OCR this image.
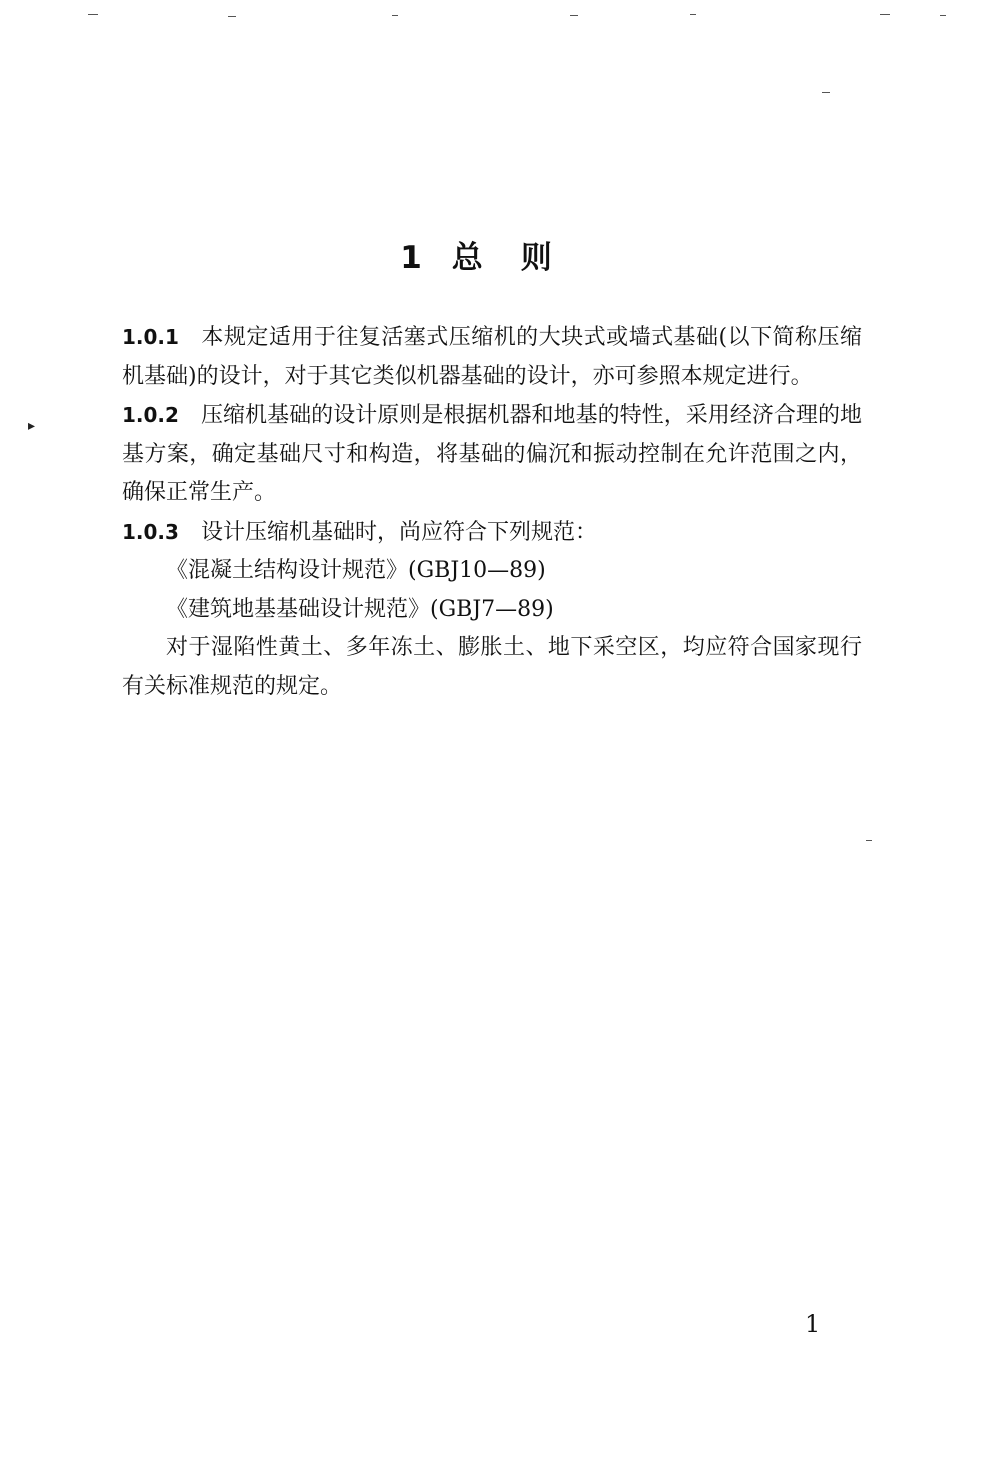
▸
1 总则

1.0.1 本规定适用于往复活塞式压缩机的大块式或墙式基础(以下简称压缩机基础)的设计，对于其它类似机器基础的设计，亦可参照本规定进行。

1.0.2 压缩机基础的设计原则是根据机器和地基的特性，采用经济合理的地基方案，确定基础尺寸和构造，将基础的偏沉和振动控制在允许范围之内，确保正常生产。

1.0.3 设计压缩机基础时，尚应符合下列规范：

《混凝土结构设计规范》(GBJ10—89)

《建筑地基基础设计规范》(GBJ7—89)

对于湿陷性黄土、多年冻土、膨胀土、地下采空区，均应符合国家现行有关标准规范的规定。

1
